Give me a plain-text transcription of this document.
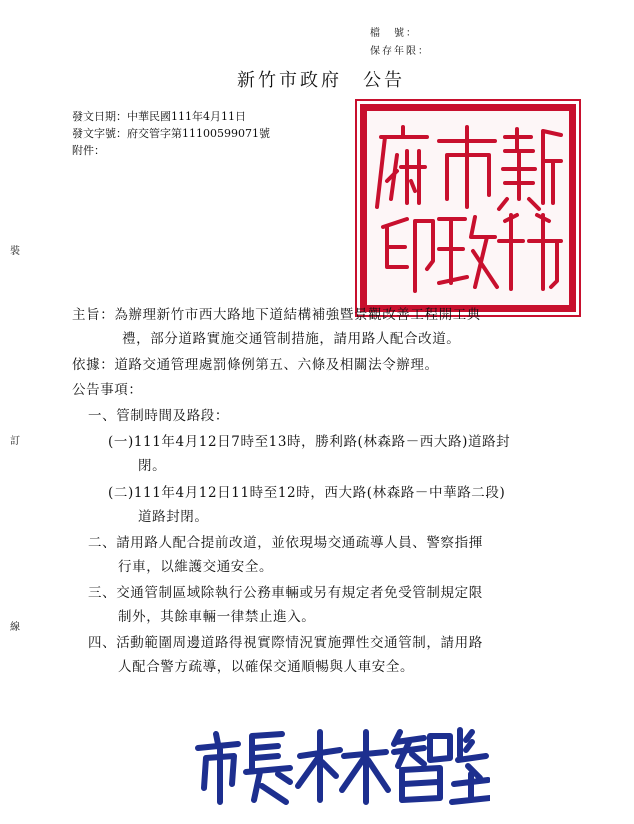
檔　號：
保存年限：
新竹市政府　公告
發文日期：中華民國111年4月11日
發文字號：府交管字第11100599071號
附件：
裝
訂
線
主旨：為辦理新竹市西大路地下道結構補強暨景觀改善工程開工典
禮，部分道路實施交通管制措施，請用路人配合改道。
依據：道路交通管理處罰條例第五、六條及相關法令辦理。
公告事項：
一、管制時間及路段：
(一)111年4月12日7時至13時，勝利路(林森路－西大路)道路封
閉。
(二)111年4月12日11時至12時，西大路(林森路－中華路二段)
道路封閉。
二、請用路人配合提前改道，並依現場交通疏導人員、警察指揮
行車，以維護交通安全。
三、交通管制區域除執行公務車輛或另有規定者免受管制規定限
制外，其餘車輛一律禁止進入。
四、活動範圍周邊道路得視實際情況實施彈性交通管制，請用路
人配合警方疏導，以確保交通順暢與人車安全。
